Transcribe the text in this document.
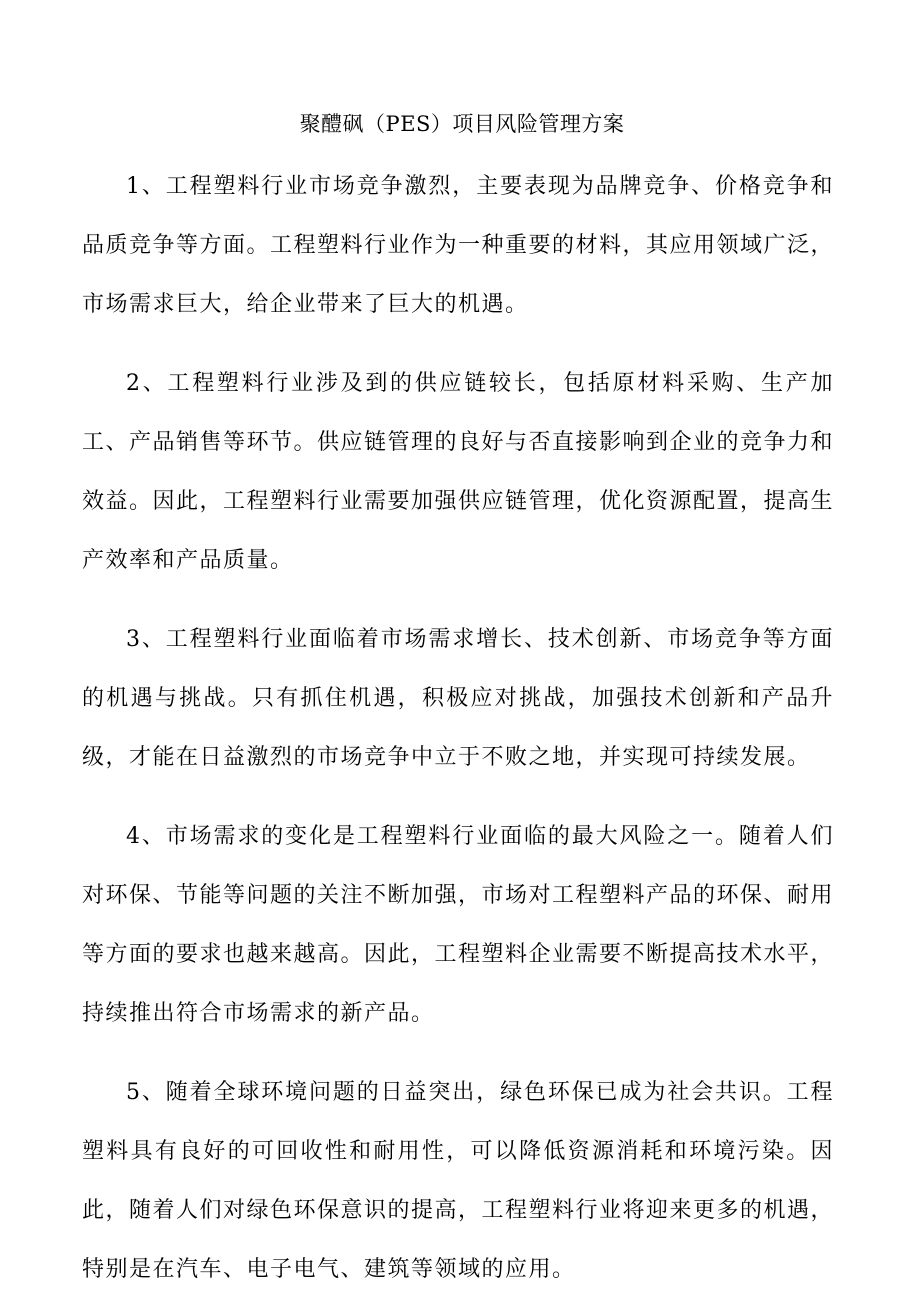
聚醴砜（PES）项目风险管理方案

1、工程塑料行业市场竞争激烈，主要表现为品牌竞争、价格竞争和品质竞争等方面。工程塑料行业作为一种重要的材料，其应用领域广泛，市场需求巨大，给企业带来了巨大的机遇。

2、工程塑料行业涉及到的供应链较长，包括原材料采购、生产加工、产品销售等环节。供应链管理的良好与否直接影响到企业的竞争力和效益。因此，工程塑料行业需要加强供应链管理，优化资源配置，提高生产效率和产品质量。

3、工程塑料行业面临着市场需求增长、技术创新、市场竞争等方面的机遇与挑战。只有抓住机遇，积极应对挑战，加强技术创新和产品升级，才能在日益激烈的市场竞争中立于不败之地，并实现可持续发展。

4、市场需求的变化是工程塑料行业面临的最大风险之一。随着人们对环保、节能等问题的关注不断加强，市场对工程塑料产品的环保、耐用等方面的要求也越来越高。因此，工程塑料企业需要不断提高技术水平，持续推出符合市场需求的新产品。

5、随着全球环境问题的日益突出，绿色环保已成为社会共识。工程塑料具有良好的可回收性和耐用性，可以降低资源消耗和环境污染。因此，随着人们对绿色环保意识的提高，工程塑料行业将迎来更多的机遇，特别是在汽车、电子电气、建筑等领域的应用。
